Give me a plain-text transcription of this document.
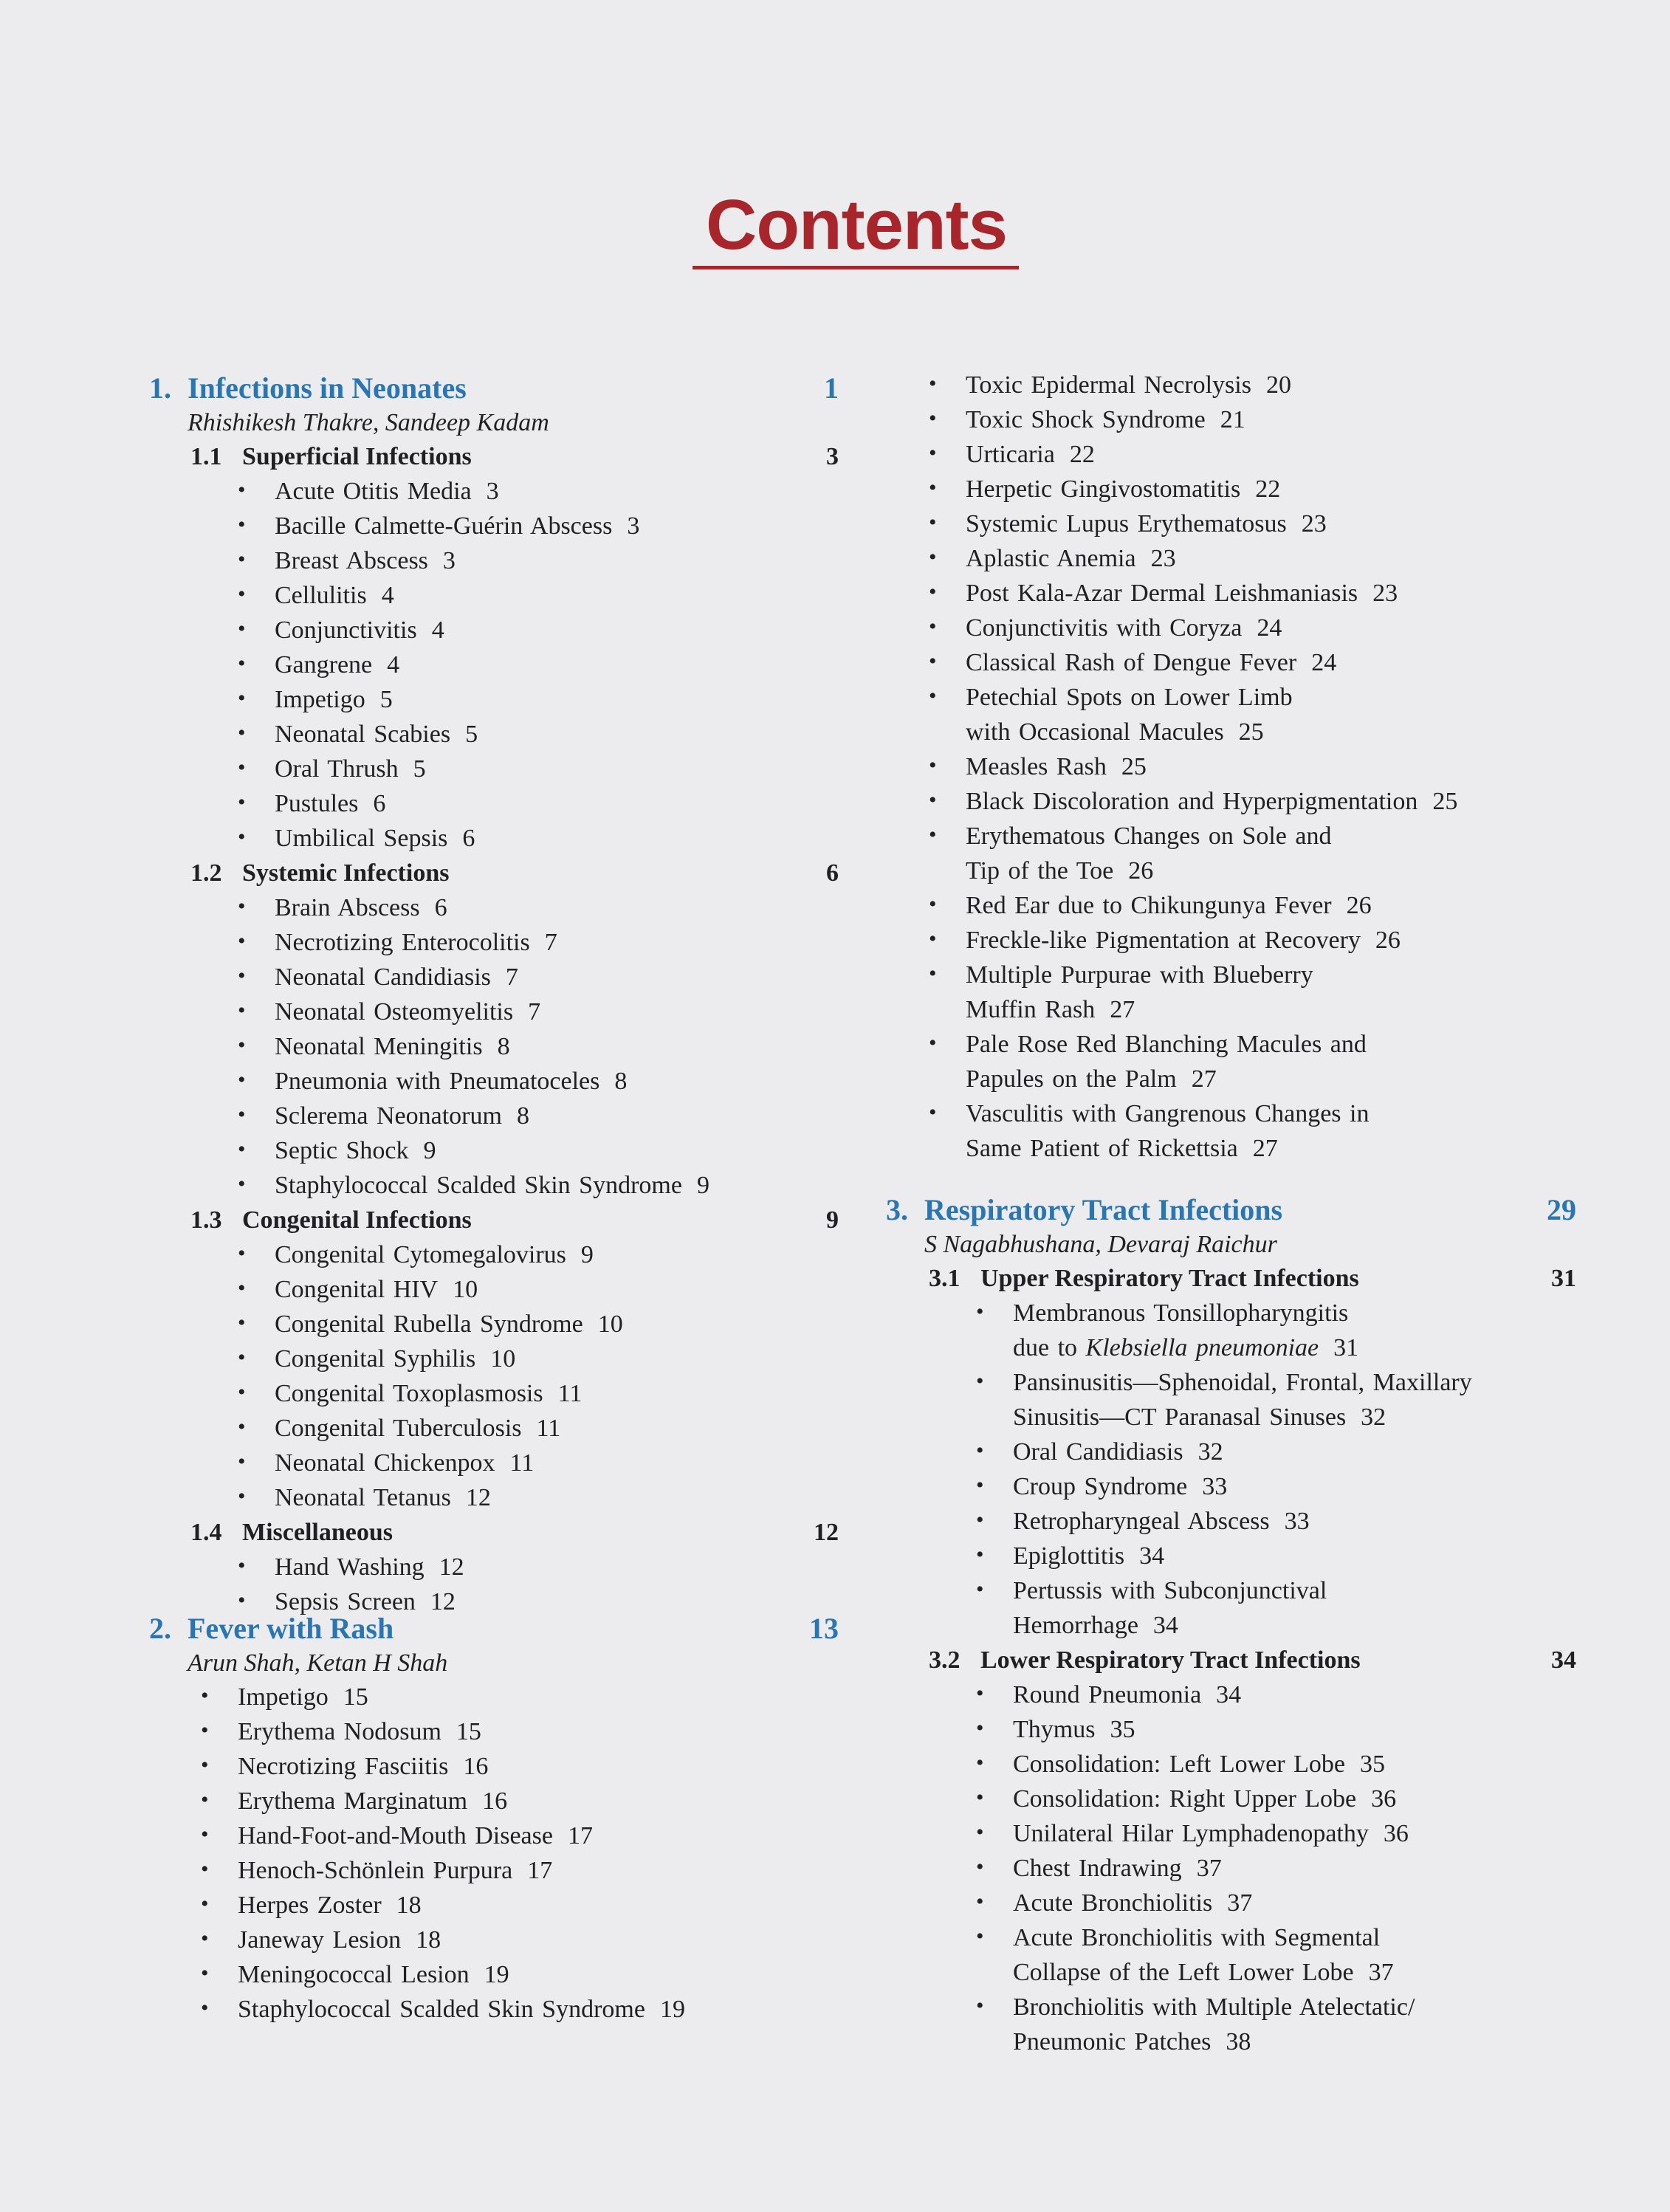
Contents
1. Infections in Neonates	1
Rhishikesh Thakre, Sandeep Kadam
1.1 Superficial Infections	3
• Acute Otitis Media 3
• Bacille Calmette-Guérin Abscess 3
• Breast Abscess 3
• Cellulitis 4
• Conjunctivitis 4
• Gangrene 4
• Impetigo 5
• Neonatal Scabies 5
• Oral Thrush 5
• Pustules 6
• Umbilical Sepsis 6
1.2 Systemic Infections	6
• Brain Abscess 6
• Necrotizing Enterocolitis 7
• Neonatal Candidiasis 7
• Neonatal Osteomyelitis 7
• Neonatal Meningitis 8
• Pneumonia with Pneumatoceles 8
• Sclerema Neonatorum 8
• Septic Shock 9
• Staphylococcal Scalded Skin Syndrome 9
1.3 Congenital Infections	9
• Congenital Cytomegalovirus 9
• Congenital HIV 10
• Congenital Rubella Syndrome 10
• Congenital Syphilis 10
• Congenital Toxoplasmosis 11
• Congenital Tuberculosis 11
• Neonatal Chickenpox 11
• Neonatal Tetanus 12
1.4 Miscellaneous	12
• Hand Washing 12
• Sepsis Screen 12
2. Fever with Rash	13
Arun Shah, Ketan H Shah
• Impetigo 15
• Erythema Nodosum 15
• Necrotizing Fasciitis 16
• Erythema Marginatum 16
• Hand-Foot-and-Mouth Disease 17
• Henoch-Schönlein Purpura 17
• Herpes Zoster 18
• Janeway Lesion 18
• Meningococcal Lesion 19
• Staphylococcal Scalded Skin Syndrome 19
• Toxic Epidermal Necrolysis 20
• Toxic Shock Syndrome 21
• Urticaria 22
• Herpetic Gingivostomatitis 22
• Systemic Lupus Erythematosus 23
• Aplastic Anemia 23
• Post Kala-Azar Dermal Leishmaniasis 23
• Conjunctivitis with Coryza 24
• Classical Rash of Dengue Fever 24
• Petechial Spots on Lower Limb
with Occasional Macules 25
• Measles Rash 25
• Black Discoloration and Hyperpigmentation 25
• Erythematous Changes on Sole and
Tip of the Toe 26
• Red Ear due to Chikungunya Fever 26
• Freckle-like Pigmentation at Recovery 26
• Multiple Purpurae with Blueberry
Muffin Rash 27
• Pale Rose Red Blanching Macules and
Papules on the Palm 27
• Vasculitis with Gangrenous Changes in
Same Patient of Rickettsia 27
3. Respiratory Tract Infections	29
S Nagabhushana, Devaraj Raichur
3.1 Upper Respiratory Tract Infections	31
• Membranous Tonsillopharyngitis
due to Klebsiella pneumoniae 31
• Pansinusitis—Sphenoidal, Frontal, Maxillary
Sinusitis—CT Paranasal Sinuses 32
• Oral Candidiasis 32
• Croup Syndrome 33
• Retropharyngeal Abscess 33
• Epiglottitis 34
• Pertussis with Subconjunctival
Hemorrhage 34
3.2 Lower Respiratory Tract Infections	34
• Round Pneumonia 34
• Thymus 35
• Consolidation: Left Lower Lobe 35
• Consolidation: Right Upper Lobe 36
• Unilateral Hilar Lymphadenopathy 36
• Chest Indrawing 37
• Acute Bronchiolitis 37
• Acute Bronchiolitis with Segmental
Collapse of the Left Lower Lobe 37
• Bronchiolitis with Multiple Atelectatic/
Pneumonic Patches 38
